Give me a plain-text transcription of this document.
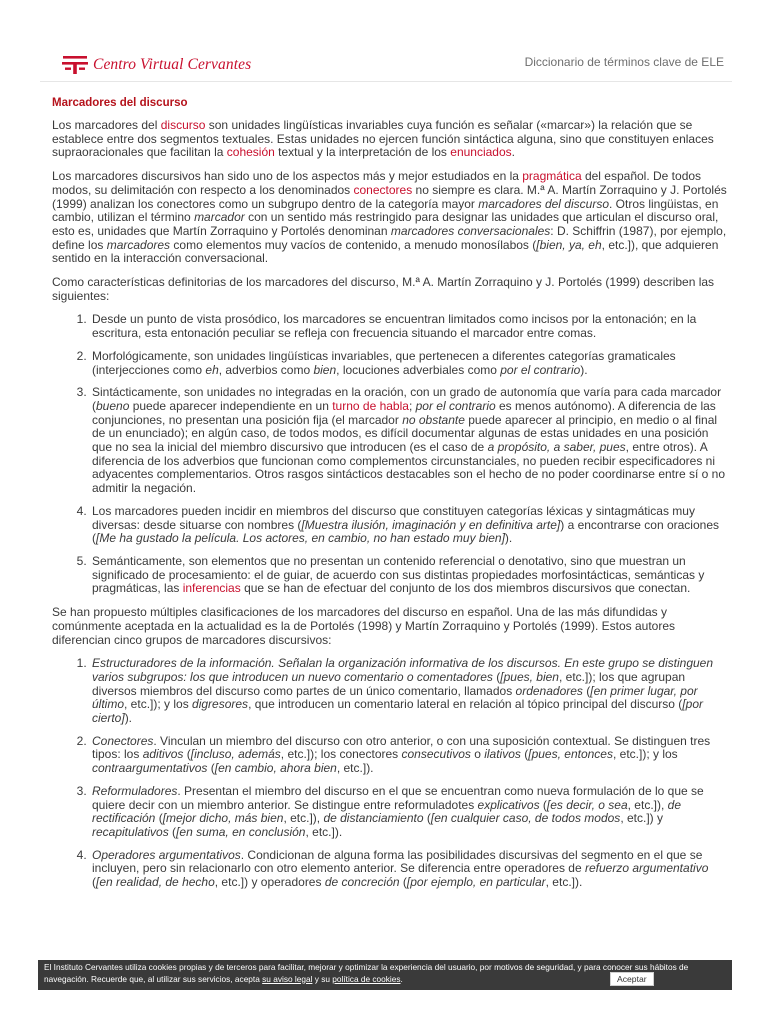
Centro Virtual Cervantes	Diccionario de términos clave de ELE
Marcadores del discurso

Los marcadores del discurso son unidades lingüísticas invariables cuya función es señalar («marcar») la relación que se establece entre dos segmentos textuales. Estas unidades no ejercen función sintáctica alguna, sino que constituyen enlaces supraoracionales que facilitan la cohesión textual y la interpretación de los enunciados.

Los marcadores discursivos han sido uno de los aspectos más y mejor estudiados en la pragmática del español. De todos modos, su delimitación con respecto a los denominados conectores no siempre es clara. M.ª A. Martín Zorraquino y J. Portolés (1999) analizan los conectores como un subgrupo dentro de la categoría mayor marcadores del discurso. Otros lingüistas, en cambio, utilizan el término marcador con un sentido más restringido para designar las unidades que articulan el discurso oral, esto es, unidades que Martín Zorraquino y Portolés denominan marcadores conversacionales: D. Schiffrin (1987), por ejemplo, define los marcadores como elementos muy vacíos de contenido, a menudo monosílabos ([bien, ya, eh, etc.]), que adquieren sentido en la interacción conversacional.

Como características definitorias de los marcadores del discurso, M.ª A. Martín Zorraquino y J. Portolés (1999) describen las siguientes:

1. Desde un punto de vista prosódico, los marcadores se encuentran limitados como incisos por la entonación; en la escritura, esta entonación peculiar se refleja con frecuencia situando el marcador entre comas.
2. Morfológicamente, son unidades lingüísticas invariables, que pertenecen a diferentes categorías gramaticales (interjecciones como eh, adverbios como bien, locuciones adverbiales como por el contrario).
3. Sintácticamente, son unidades no integradas en la oración, con un grado de autonomía que varía para cada marcador (bueno puede aparecer independiente en un turno de habla; por el contrario es menos autónomo). A diferencia de las conjunciones, no presentan una posición fija (el marcador no obstante puede aparecer al principio, en medio o al final de un enunciado); en algún caso, de todos modos, es difícil documentar algunas de estas unidades en una posición que no sea la inicial del miembro discursivo que introducen (es el caso de a propósito, a saber, pues, entre otros). A diferencia de los adverbios que funcionan como complementos circunstanciales, no pueden recibir especificadores ni adyacentes complementarios. Otros rasgos sintácticos destacables son el hecho de no poder coordinarse entre sí o no admitir la negación.
4. Los marcadores pueden incidir en miembros del discurso que constituyen categorías léxicas y sintagmáticas muy diversas: desde situarse con nombres ([Muestra ilusión, imaginación y en definitiva arte]) a encontrarse con oraciones ([Me ha gustado la película. Los actores, en cambio, no han estado muy bien]).
5. Semánticamente, son elementos que no presentan un contenido referencial o denotativo, sino que muestran un significado de procesamiento: el de guiar, de acuerdo con sus distintas propiedades morfosintácticas, semánticas y pragmáticas, las inferencias que se han de efectuar del conjunto de los dos miembros discursivos que conectan.

Se han propuesto múltiples clasificaciones de los marcadores del discurso en español. Una de las más difundidas y comúnmente aceptada en la actualidad es la de Portolés (1998) y Martín Zorraquino y Portolés (1999). Estos autores diferencian cinco grupos de marcadores discursivos:

1. Estructuradores de la información. Señalan la organización informativa de los discursos. En este grupo se distinguen varios subgrupos: los que introducen un nuevo comentario o comentadores ([pues, bien, etc.]); los que agrupan diversos miembros del discurso como partes de un único comentario, llamados ordenadores ([en primer lugar, por último, etc.]); y los digresores, que introducen un comentario lateral en relación al tópico principal del discurso ([por cierto]).
2. Conectores. Vinculan un miembro del discurso con otro anterior, o con una suposición contextual. Se distinguen tres tipos: los aditivos ([incluso, además, etc.]); los conectores consecutivos o ilativos ([pues, entonces, etc.]); y los contraargumentativos ([en cambio, ahora bien, etc.]).
3. Reformuladores. Presentan el miembro del discurso en el que se encuentran como nueva formulación de lo que se quiere decir con un miembro anterior. Se distingue entre reformuladotes explicativos ([es decir, o sea, etc.]), de rectificación ([mejor dicho, más bien, etc.]), de distanciamiento ([en cualquier caso, de todos modos, etc.]) y recapitulativos ([en suma, en conclusión, etc.]).
4. Operadores argumentativos. Condicionan de alguna forma las posibilidades discursivas del segmento en el que se incluyen, pero sin relacionarlo con otro elemento anterior. Se diferencia entre operadores de refuerzo argumentativo ([en realidad, de hecho, etc.]) y operadores de concreción ([por ejemplo, en particular, etc.]).
El Instituto Cervantes utiliza cookies propias y de terceros para facilitar, mejorar y optimizar la experiencia del usuario, por motivos de seguridad, y para conocer sus hábitos de navegación. Recuerde que, al utilizar sus servicios, acepta su aviso legal y su política de cookies.	Aceptar
